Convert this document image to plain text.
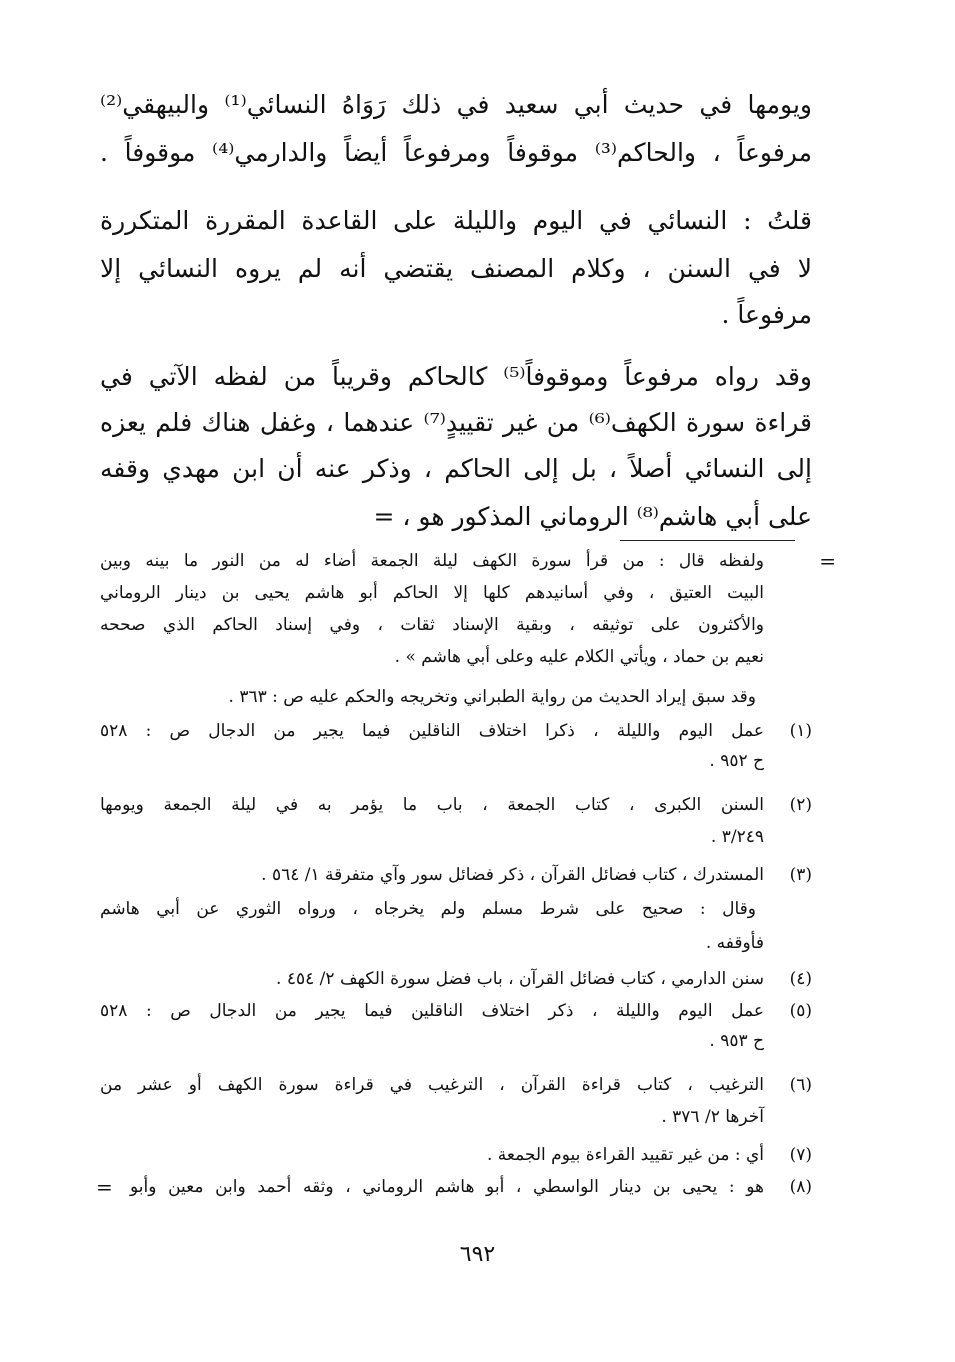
ويومها في حديث أبي سعيد في ذلك رَوَاهُ النسائي⁽¹⁾ والبيهقي⁽²⁾
مرفوعاً ، والحاكم⁽³⁾ موقوفاً ومرفوعاً أيضاً والدارمي⁽⁴⁾ موقوفاً .
قلتُ : النسائي في اليوم والليلة على القاعدة المقررة المتكررة
لا في السنن ، وكلام المصنف يقتضي أنه لم يروه النسائي إلا
مرفوعاً .
وقد رواه مرفوعاً وموقوفاً⁽⁵⁾ كالحاكم وقريباً من لفظه الآتي في
قراءة سورة الكهف⁽⁶⁾ من غير تقييدٍ⁽⁷⁾ عندهما ، وغفل هناك فلم يعزه
إلى النسائي أصلاً ، بل إلى الحاكم ، وذكر عنه أن ابن مهدي وقفه
على أبي هاشم⁽⁸⁾ الروماني المذكور هو ، =
=
ولفظه قال : من قرأ سورة الكهف ليلة الجمعة أضاء له من النور ما بينه وبين
البيت العتيق ، وفي أسانيدهم كلها إلا الحاكم أبو هاشم يحيى بن دينار الروماني
والأكثرون على توثيقه ، وبقية الإسناد ثقات ، وفي إسناد الحاكم الذي صححه
نعيم بن حماد ، ويأتي الكلام عليه وعلى أبي هاشم » .
وقد سبق إيراد الحديث من رواية الطبراني وتخريجه والحكم عليه ص : ٣٦٣ .
(١)
عمل اليوم والليلة ، ذكرا اختلاف الناقلين فيما يجير من الدجال ص : ٥٢٨
ح ٩٥٢ .
(٢)
السنن الكبرى ، كتاب الجمعة ، باب ما يؤمر به في ليلة الجمعة ويومها
٣/٢٤٩ .
(٣)
المستدرك ، كتاب فضائل القرآن ، ذكر فضائل سور وآي متفرقة ١/ ٥٦٤ .
وقال : صحيح على شرط مسلم ولم يخرجاه ، ورواه الثوري عن أبي هاشم
فأوقفه .
(٤)
سنن الدارمي ، كتاب فضائل القرآن ، باب فضل سورة الكهف ٢/ ٤٥٤ .
(٥)
عمل اليوم والليلة ، ذكر اختلاف الناقلين فيما يجير من الدجال ص : ٥٢٨
ح ٩٥٣ .
(٦)
الترغيب ، كتاب قراءة القرآن ، الترغيب في قراءة سورة الكهف أو عشر من
آخرها ٢/ ٣٧٦ .
(٧)
أي : من غير تقييد القراءة بيوم الجمعة .
(٨)
هو : يحيى بن دينار الواسطي ، أبو هاشم الروماني ، وثقه أحمد وابن معين وأبو
=
٦٩٢
